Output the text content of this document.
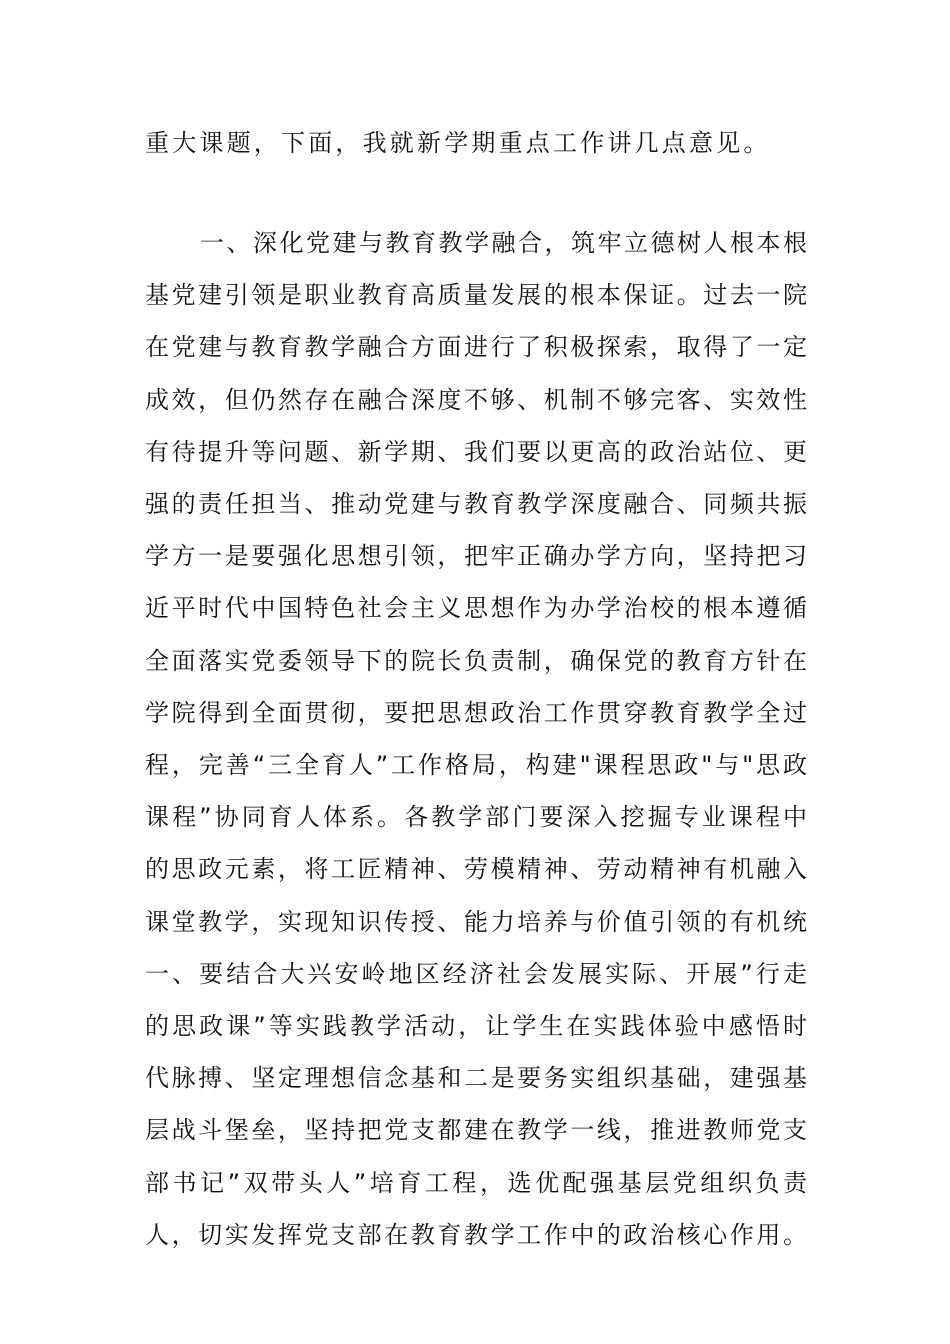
重大课题，下面，我就新学期重点工作讲几点意见。
一、深化党建与教育教学融合，筑牢立德树人根本根
基党建引领是职业教育高质量发展的根本保证。过去一院
在党建与教育教学融合方面进行了积极探索，取得了一定
成效，但仍然存在融合深度不够、机制不够完客、实效性
有待提升等问题、新学期、我们要以更高的政治站位、更
强的责任担当、推动党建与教育教学深度融合、同频共振
学方一是要强化思想引领，把牢正确办学方向，坚持把习
近平时代中国特色社会主义思想作为办学治校的根本遵循
全面落实党委领导下的院长负责制，确保党的教育方针在
学院得到全面贯彻，要把思想政治工作贯穿教育教学全过
程，完善“三全育人”工作格局，构建"课程思政"与"思政
课程”协同育人体系。各教学部门要深入挖掘专业课程中
的思政元素，将工匠精神、劳模精神、劳动精神有机融入
课堂教学，实现知识传授、能力培养与价值引领的有机统
一、要结合大兴安岭地区经济社会发展实际、开展”行走
的思政课”等实践教学活动，让学生在实践体验中感悟时
代脉搏、坚定理想信念基和二是要务实组织基础，建强基
层战斗堡垒，坚持把党支都建在教学一线，推进教师党支
部书记”双带头人”培育工程，选优配强基层党组织负责
人，切实发挥党支部在教育教学工作中的政治核心作用。
